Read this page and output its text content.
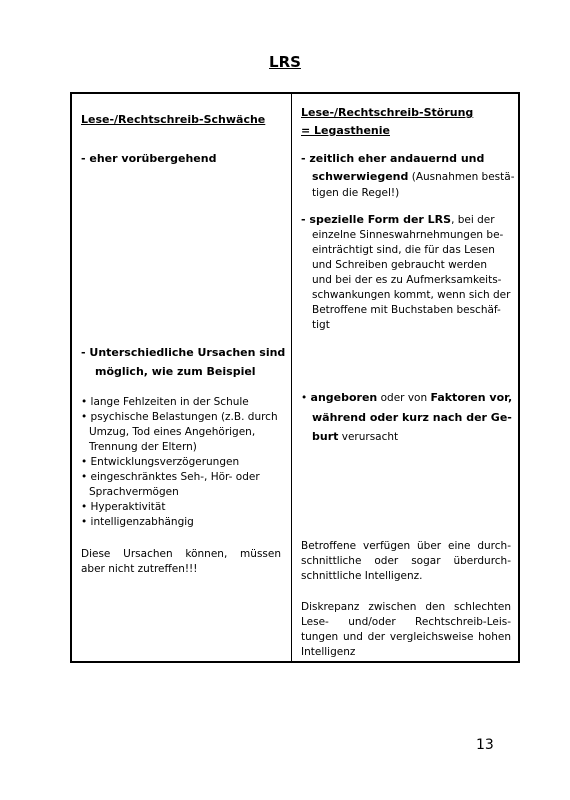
LRS
Lese-/Rechtschreib-Schwäche
- eher vorübergehend
- Unterschiedliche Ursachen sind
möglich, wie zum Beispiel
• lange Fehlzeiten in der Schule
• psychische Belastungen (z.B. durch
Umzug, Tod eines Angehörigen,
Trennung der Eltern)
• Entwicklungsverzögerungen
• eingeschränktes Seh-, Hör- oder
Sprachvermögen
• Hyperaktivität
• intelligenzabhängig
Diese Ursachen können, müssen
aber nicht zutreffen!!!
Lese-/Rechtschreib-Störung
= Legasthenie
- zeitlich eher andauernd und
schwerwiegend (Ausnahmen bestä-
tigen die Regel!)
- spezielle Form der LRS, bei der
einzelne Sinneswahrnehmungen be-
einträchtigt sind, die für das Lesen
und Schreiben gebraucht werden
und bei der es zu Aufmerksamkeits-
schwankungen kommt, wenn sich der
Betroffene mit Buchstaben beschäf-
tigt
• angeboren oder von Faktoren vor,
während oder kurz nach der Ge-
burt verursacht
Betroffene verfügen über eine durch-
schnittliche oder sogar überdurch-
schnittliche Intelligenz.
Diskrepanz zwischen den schlechten
Lese- und/oder Rechtschreib-Leis-
tungen und der vergleichsweise hohen
Intelligenz
13
